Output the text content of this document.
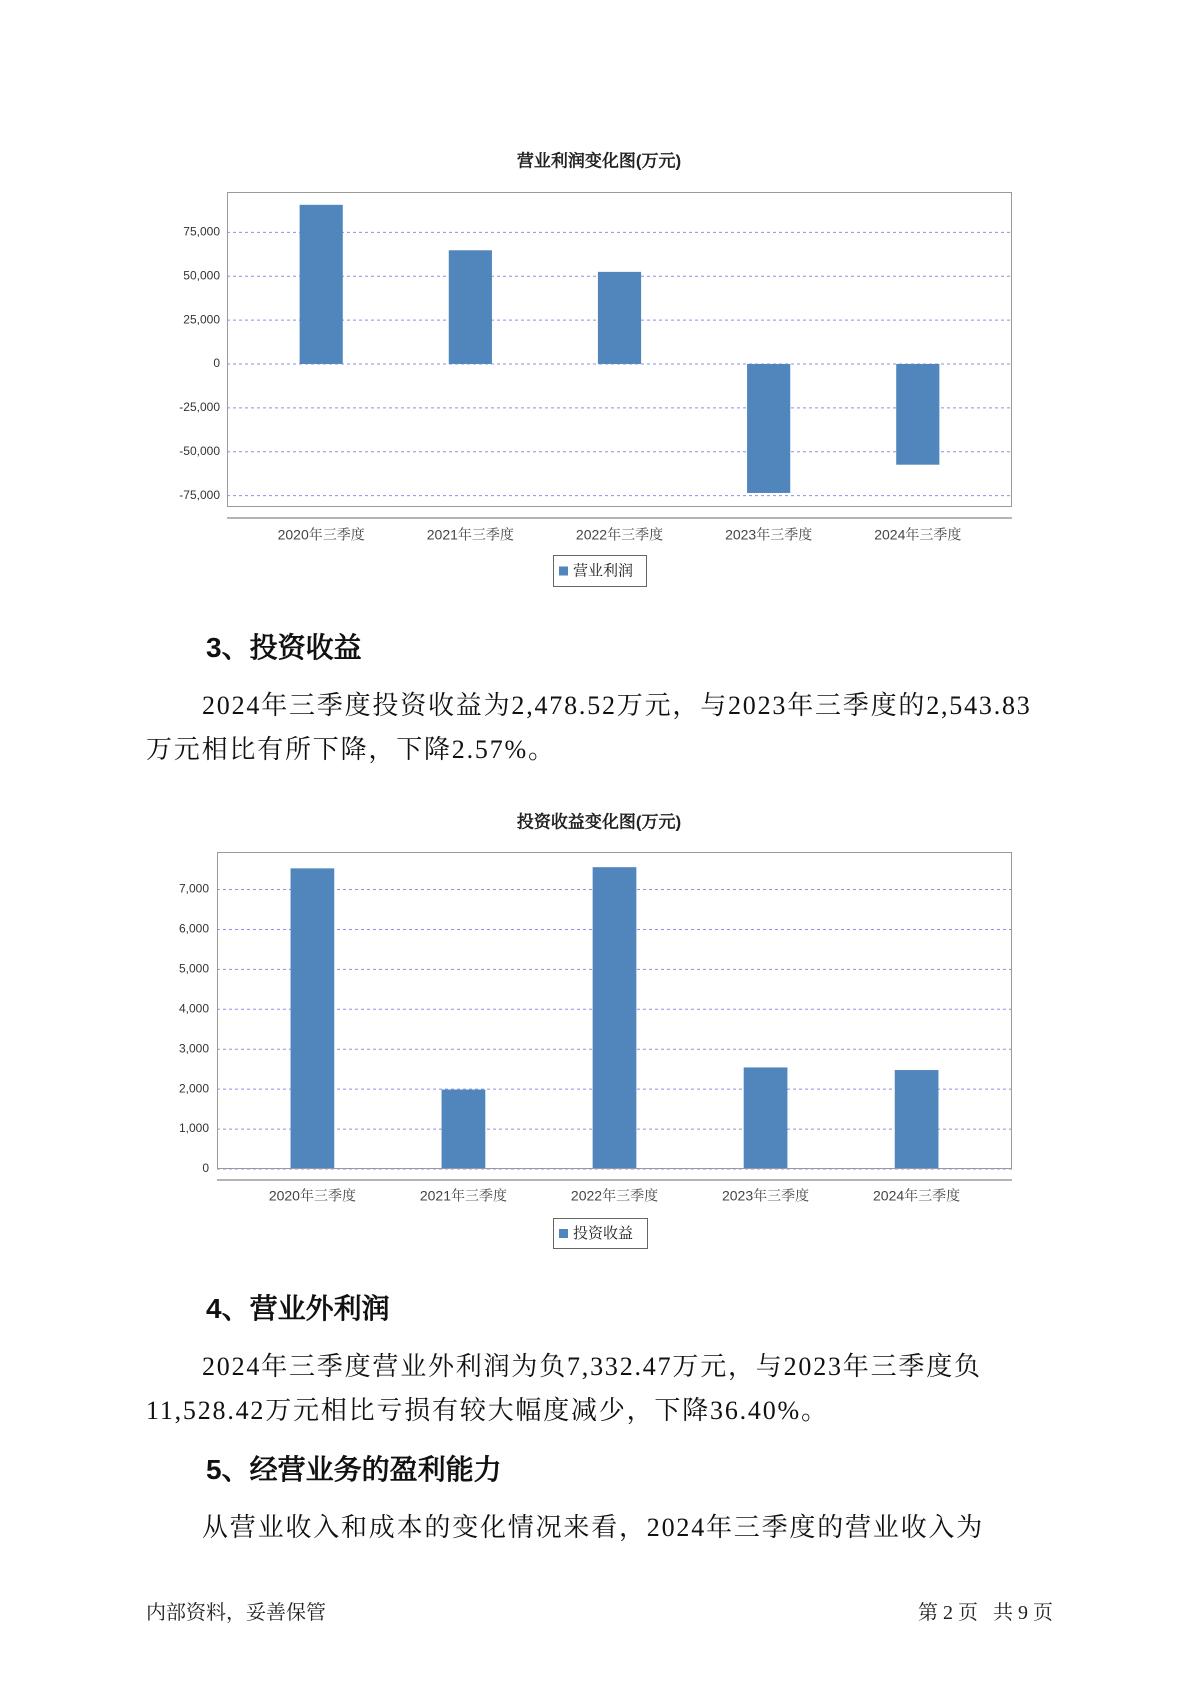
营业利润变化图(万元)
-75,000
-50,000
-25,000
0
25,000
50,000
75,000
2020年三季度	2021年三季度	2022年三季度	2023年三季度	2024年三季度
营业利润
3、投资收益
2024年三季度投资收益为2,478.52万元，与2023年三季度的2,543.83
万元相比有所下降，下降2.57%。
投资收益变化图(万元)
0
1,000
2,000
3,000
4,000
5,000
6,000
7,000
2020年三季度	2021年三季度	2022年三季度	2023年三季度	2024年三季度
投资收益
4、营业外利润
2024年三季度营业外利润为负7,332.47万元，与2023年三季度负
11,528.42万元相比亏损有较大幅度减少，下降36.40%。
5、经营业务的盈利能力
从营业收入和成本的变化情况来看，2024年三季度的营业收入为
内部资料，妥善保管	第 2 页   共 9 页
